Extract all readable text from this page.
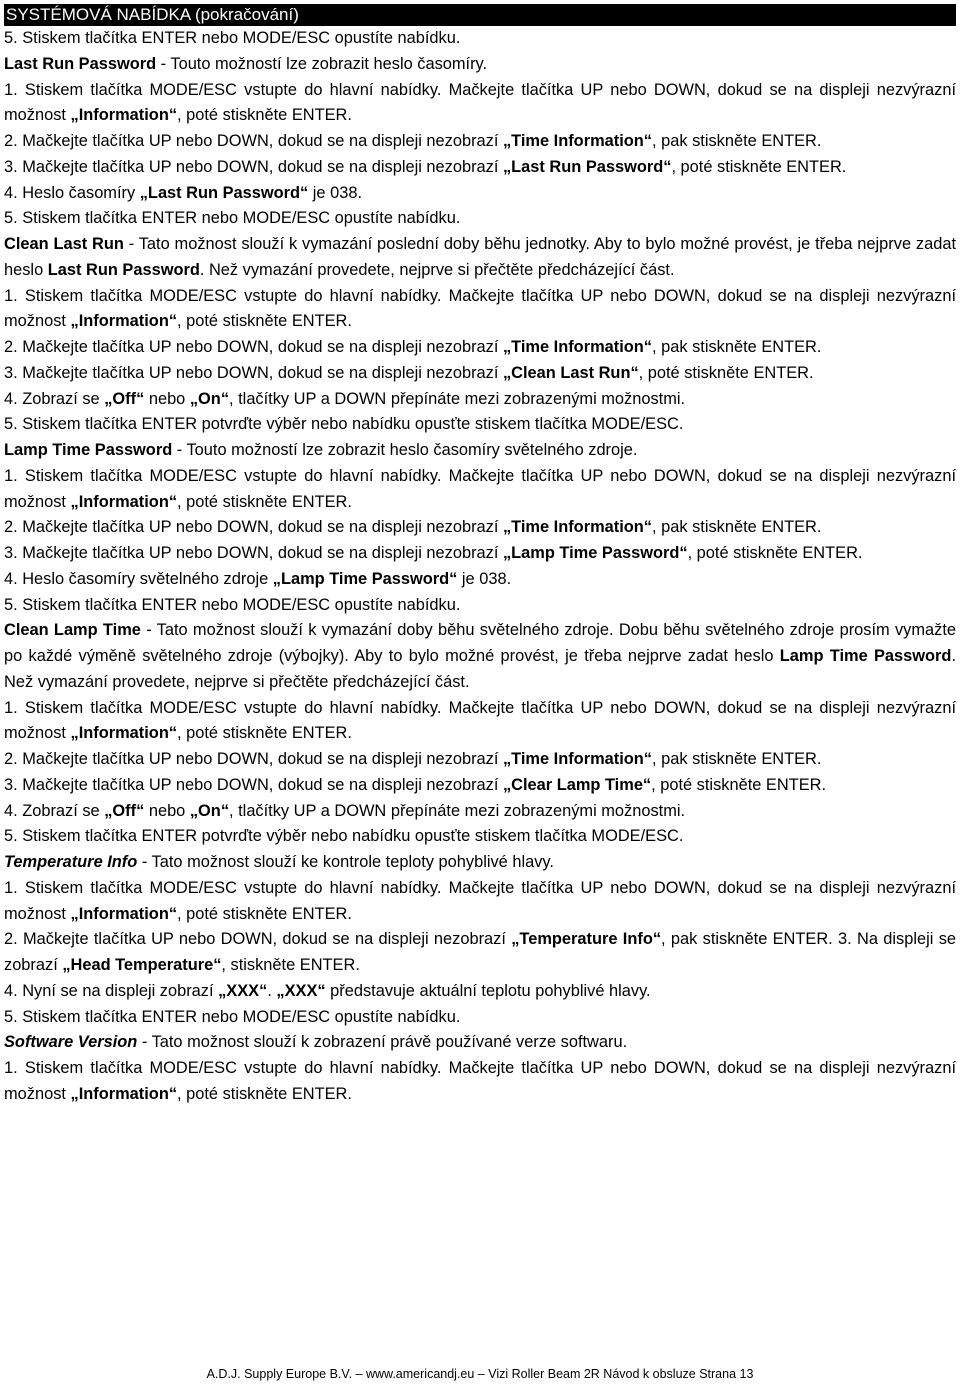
SYSTÉMOVÁ NABÍDKA (pokračování)

5. Stiskem tlačítka ENTER nebo MODE/ESC opustíte nabídku.

Last Run Password - Touto možností lze zobrazit heslo časomíry.

1. Stiskem tlačítka MODE/ESC vstupte do hlavní nabídky. Mačkejte tlačítka UP nebo DOWN, dokud se na displeji nezvýrazní možnost „Information“, poté stiskněte ENTER.

2. Mačkejte tlačítka UP nebo DOWN, dokud se na displeji nezobrazí „Time Information“, pak stiskněte ENTER.

3. Mačkejte tlačítka UP nebo DOWN, dokud se na displeji nezobrazí „Last Run Password“, poté stiskněte ENTER.

4. Heslo časomíry „Last Run Password“ je 038.

5. Stiskem tlačítka ENTER nebo MODE/ESC opustíte nabídku.

Clean Last Run - Tato možnost slouží k vymazání poslední doby běhu jednotky. Aby to bylo možné provést, je třeba nejprve zadat heslo Last Run Password. Než vymazání provedete, nejprve si přečtěte předcházející část.

1. Stiskem tlačítka MODE/ESC vstupte do hlavní nabídky. Mačkejte tlačítka UP nebo DOWN, dokud se na displeji nezvýrazní možnost „Information“, poté stiskněte ENTER.

2. Mačkejte tlačítka UP nebo DOWN, dokud se na displeji nezobrazí „Time Information“, pak stiskněte ENTER.

3. Mačkejte tlačítka UP nebo DOWN, dokud se na displeji nezobrazí „Clean Last Run“, poté stiskněte ENTER.

4. Zobrazí se „Off“ nebo „On“, tlačítky UP a DOWN přepínáte mezi zobrazenými možnostmi.

5. Stiskem tlačítka ENTER potvrďte výběr nebo nabídku opusťte stiskem tlačítka MODE/ESC.

Lamp Time Password - Touto možností lze zobrazit heslo časomíry světelného zdroje.

1. Stiskem tlačítka MODE/ESC vstupte do hlavní nabídky. Mačkejte tlačítka UP nebo DOWN, dokud se na displeji nezvýrazní možnost „Information“, poté stiskněte ENTER.

2. Mačkejte tlačítka UP nebo DOWN, dokud se na displeji nezobrazí „Time Information“, pak stiskněte ENTER.

3. Mačkejte tlačítka UP nebo DOWN, dokud se na displeji nezobrazí „Lamp Time Password“, poté stiskněte ENTER.

4. Heslo časomíry světelného zdroje „Lamp Time Password“ je 038.

5. Stiskem tlačítka ENTER nebo MODE/ESC opustíte nabídku.

Clean Lamp Time - Tato možnost slouží k vymazání doby běhu světelného zdroje. Dobu běhu světelného zdroje prosím vymažte po každé výměně světelného zdroje (výbojky). Aby to bylo možné provést, je třeba nejprve zadat heslo Lamp Time Password. Než vymazání provedete, nejprve si přečtěte předcházející část.

1. Stiskem tlačítka MODE/ESC vstupte do hlavní nabídky. Mačkejte tlačítka UP nebo DOWN, dokud se na displeji nezvýrazní možnost „Information“, poté stiskněte ENTER.

2. Mačkejte tlačítka UP nebo DOWN, dokud se na displeji nezobrazí „Time Information“, pak stiskněte ENTER.

3. Mačkejte tlačítka UP nebo DOWN, dokud se na displeji nezobrazí „Clear Lamp Time“, poté stiskněte ENTER.

4. Zobrazí se „Off“ nebo „On“, tlačítky UP a DOWN přepínáte mezi zobrazenými možnostmi.

5. Stiskem tlačítka ENTER potvrďte výběr nebo nabídku opusťte stiskem tlačítka MODE/ESC.

Temperature Info - Tato možnost slouží ke kontrole teploty pohyblivé hlavy.

1. Stiskem tlačítka MODE/ESC vstupte do hlavní nabídky. Mačkejte tlačítka UP nebo DOWN, dokud se na displeji nezvýrazní možnost „Information“, poté stiskněte ENTER.

2. Mačkejte tlačítka UP nebo DOWN, dokud se na displeji nezobrazí „Temperature Info“, pak stiskněte ENTER. 3. Na displeji se zobrazí „Head Temperature“, stiskněte ENTER.

4. Nyní se na displeji zobrazí „XXX“. „XXX“ představuje aktuální teplotu pohyblivé hlavy.

5. Stiskem tlačítka ENTER nebo MODE/ESC opustíte nabídku.

Software Version - Tato možnost slouží k zobrazení právě používané verze softwaru.

1. Stiskem tlačítka MODE/ESC vstupte do hlavní nabídky. Mačkejte tlačítka UP nebo DOWN, dokud se na displeji nezvýrazní možnost „Information“, poté stiskněte ENTER.

A.D.J. Supply Europe B.V. – www.americandj.eu – Vizi Roller Beam 2R Návod k obsluze Strana 13
